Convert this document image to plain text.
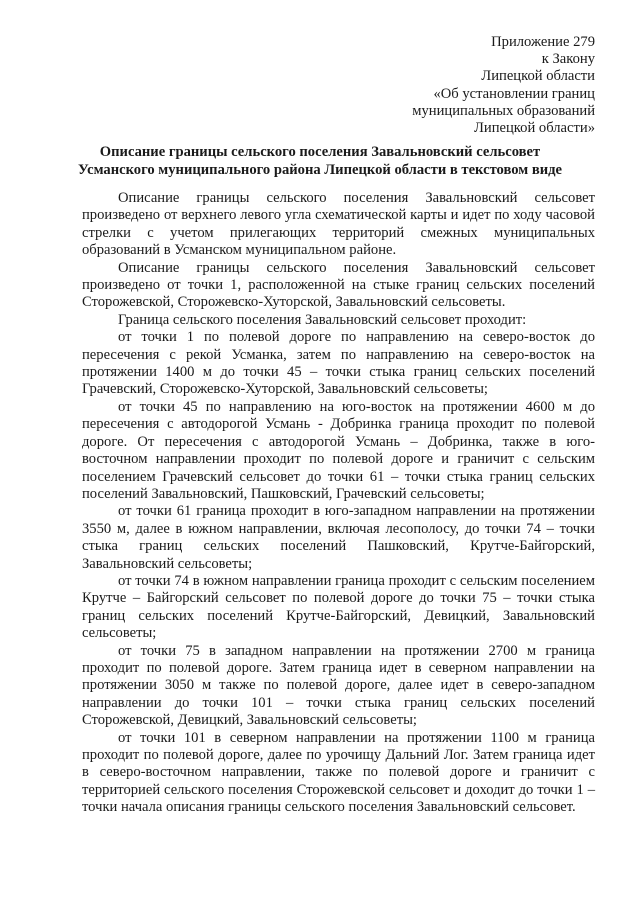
Приложение 279
к Закону
Липецкой области
«Об установлении границ
муниципальных образований
Липецкой области»
Описание границы сельского поселения Завальновский сельсовет
Усманского муниципального района Липецкой области в текстовом виде

Описание границы сельского поселения Завальновский сельсовет произведено от верхнего левого угла схематической карты и идет по ходу часовой стрелки с учетом прилегающих территорий смежных муниципальных образований в Усманском муниципальном районе.

Описание границы сельского поселения Завальновский сельсовет произведено от точки 1, расположенной на стыке границ сельских поселений Сторожевской, Сторожевско-Хуторской, Завальновский сельсоветы.

Граница сельского поселения Завальновский сельсовет проходит:

от точки 1 по полевой дороге по направлению на северо-восток до пересечения с рекой Усманка, затем по направлению на северо-восток на протяжении 1400 м до точки 45 – точки стыка границ сельских поселений Грачевский, Сторожевско-Хуторской, Завальновский сельсоветы;

от точки 45 по направлению на юго-восток на протяжении 4600 м до пересечения с автодорогой Усмань - Добринка граница проходит по полевой дороге. От пересечения с автодорогой Усмань – Добринка, также в юго-восточном направлении проходит по полевой дороге и граничит с сельским поселением Грачевский сельсовет до точки 61 – точки стыка границ сельских поселений Завальновский, Пашковский, Грачевский сельсоветы;

от точки 61 граница проходит в юго-западном направлении на протяжении 3550 м, далее в южном направлении, включая лесополосу, до точки 74 – точки стыка границ сельских поселений Пашковский, Крутче-Байгорский, Завальновский сельсоветы;

от точки 74 в южном направлении граница проходит с сельским поселением Крутче – Байгорский сельсовет по полевой дороге до точки 75 – точки стыка границ сельских поселений Крутче-Байгорский, Девицкий, Завальновский сельсоветы;

от точки 75 в западном направлении на протяжении 2700 м граница проходит по полевой дороге. Затем граница идет в северном направлении на протяжении 3050 м также по полевой дороге, далее идет в северо-западном направлении до точки 101 – точки стыка границ сельских поселений Сторожевской, Девицкий, Завальновский сельсоветы;

от точки 101 в северном направлении на протяжении 1100 м граница проходит по полевой дороге, далее по урочищу Дальний Лог. Затем граница идет в северо-восточном направлении, также по полевой дороге и граничит с территорией сельского поселения Сторожевской сельсовет и доходит до точки 1 – точки начала описания границы сельского поселения Завальновский сельсовет.
